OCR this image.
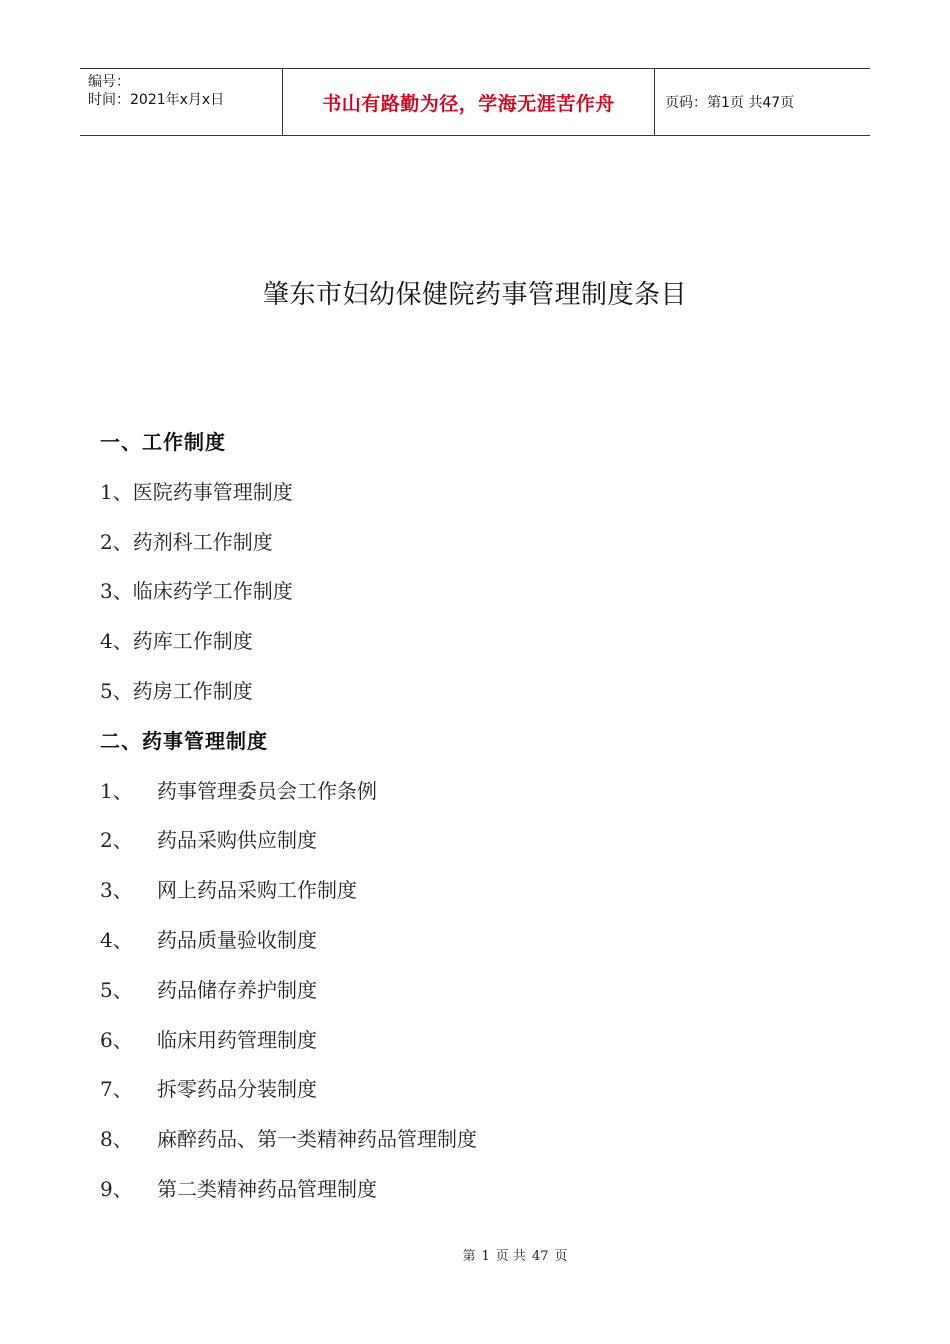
编号：
时间：2021年x月x日	书山有路勤为径，学海无涯苦作舟	页码：第1页 共47页
肇东市妇幼保健院药事管理制度条目
一、工作制度
1、医院药事管理制度
2、药剂科工作制度
3、临床药学工作制度
4、药库工作制度
5、药房工作制度
二、药事管理制度
1、 药事管理委员会工作条例
2、 药品采购供应制度
3、 网上药品采购工作制度
4、 药品质量验收制度
5、 药品储存养护制度
6、 临床用药管理制度
7、 拆零药品分装制度
8、 麻醉药品、第一类精神药品管理制度
9、 第二类精神药品管理制度
第 1 页 共 47 页
